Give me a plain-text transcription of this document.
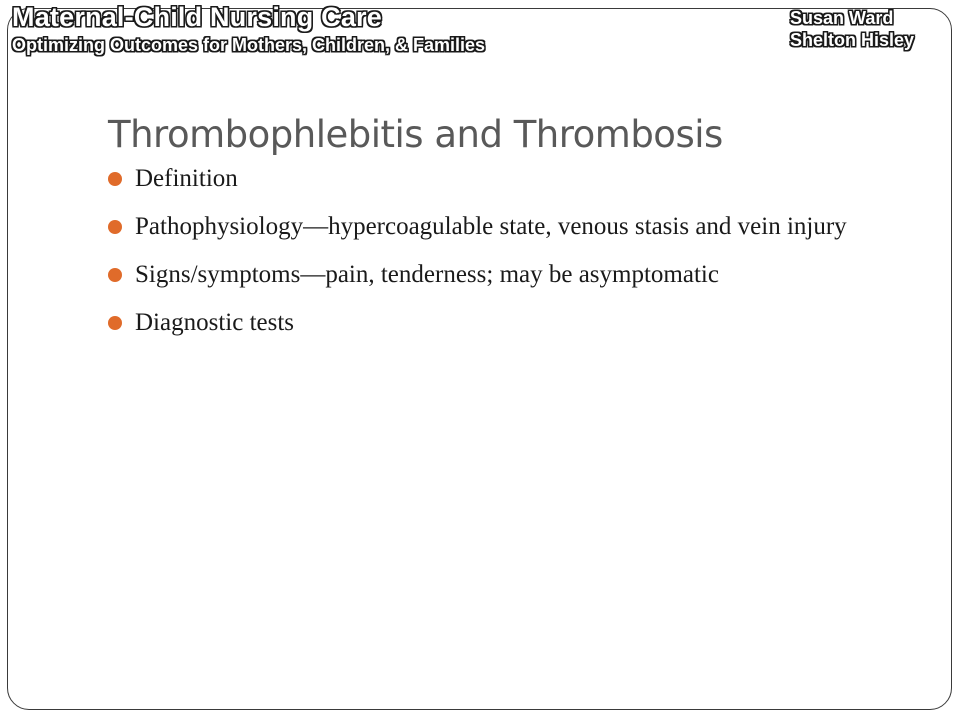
Maternal-Child Nursing Care
Optimizing Outcomes for Mothers, Children, & Families
Susan Ward
Shelton Hisley
Thrombophlebitis and Thrombosis
Definition
Pathophysiology—hypercoagulable state, venous stasis and vein injury
Signs/symptoms—pain, tenderness; may be asymptomatic
Diagnostic tests
